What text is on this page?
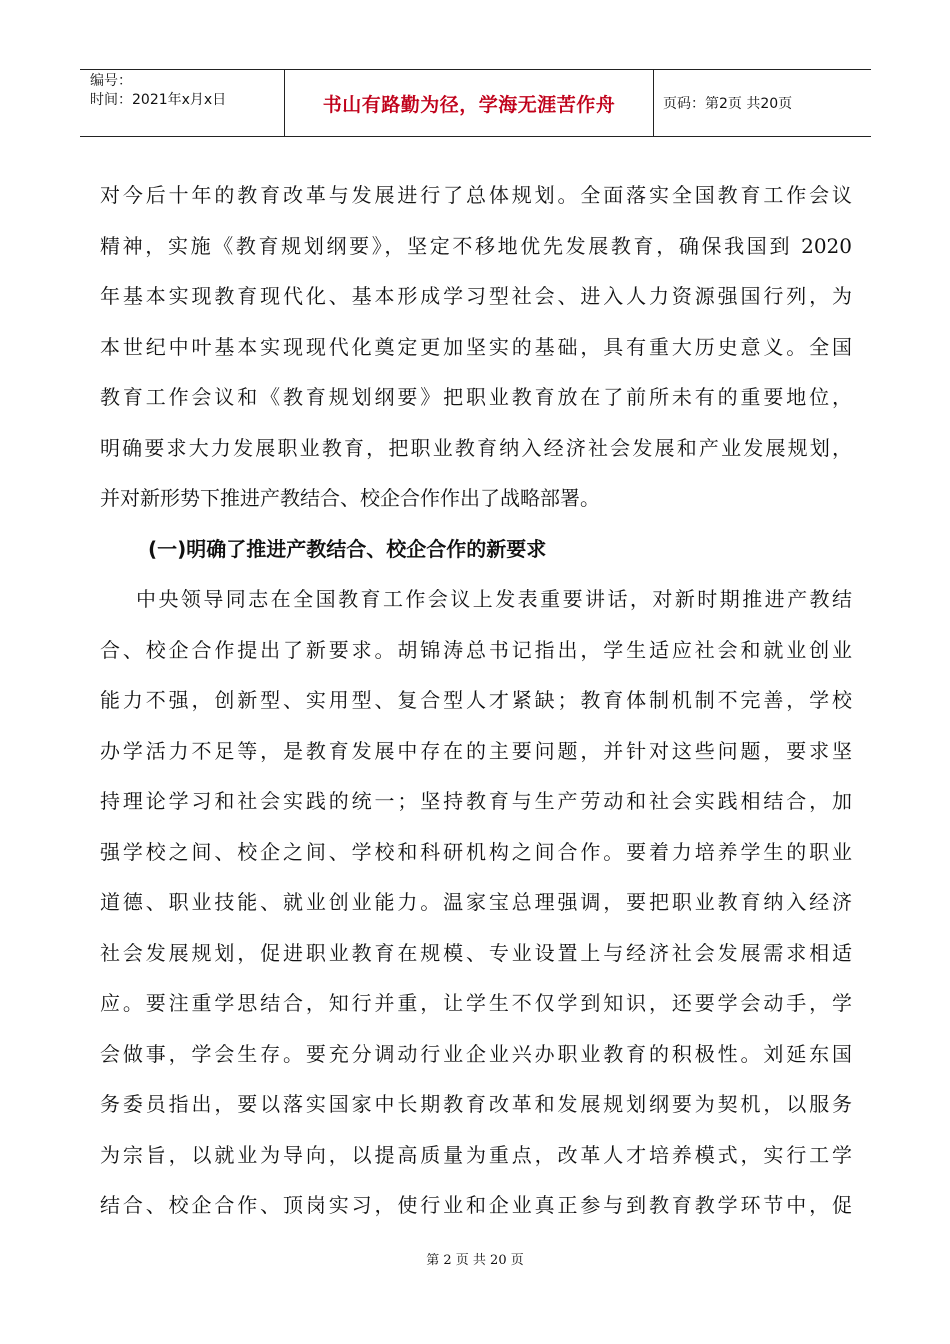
编号：
时间：2021年x月x日	书山有路勤为径，学海无涯苦作舟	页码：第2页 共20页
对今后十年的教育改革与发展进行了总体规划。全面落实全国教育工作会议
精神，实施《教育规划纲要》，坚定不移地优先发展教育，确保我国到 2020
年基本实现教育现代化、基本形成学习型社会、进入人力资源强国行列，为
本世纪中叶基本实现现代化奠定更加坚实的基础，具有重大历史意义。全国
教育工作会议和《教育规划纲要》把职业教育放在了前所未有的重要地位，
明确要求大力发展职业教育，把职业教育纳入经济社会发展和产业发展规划，
并对新形势下推进产教结合、校企合作作出了战略部署。
(一)明确了推进产教结合、校企合作的新要求
中央领导同志在全国教育工作会议上发表重要讲话，对新时期推进产教结
合、校企合作提出了新要求。胡锦涛总书记指出，学生适应社会和就业创业
能力不强，创新型、实用型、复合型人才紧缺；教育体制机制不完善，学校
办学活力不足等，是教育发展中存在的主要问题，并针对这些问题，要求坚
持理论学习和社会实践的统一；坚持教育与生产劳动和社会实践相结合，加
强学校之间、校企之间、学校和科研机构之间合作。要着力培养学生的职业
道德、职业技能、就业创业能力。温家宝总理强调，要把职业教育纳入经济
社会发展规划，促进职业教育在规模、专业设置上与经济社会发展需求相适
应。要注重学思结合，知行并重，让学生不仅学到知识，还要学会动手，学
会做事，学会生存。要充分调动行业企业兴办职业教育的积极性。刘延东国
务委员指出，要以落实国家中长期教育改革和发展规划纲要为契机，以服务
为宗旨，以就业为导向，以提高质量为重点，改革人才培养模式，实行工学
结合、校企合作、顶岗实习，使行业和企业真正参与到教育教学环节中，促
第 2 页 共 20 页
